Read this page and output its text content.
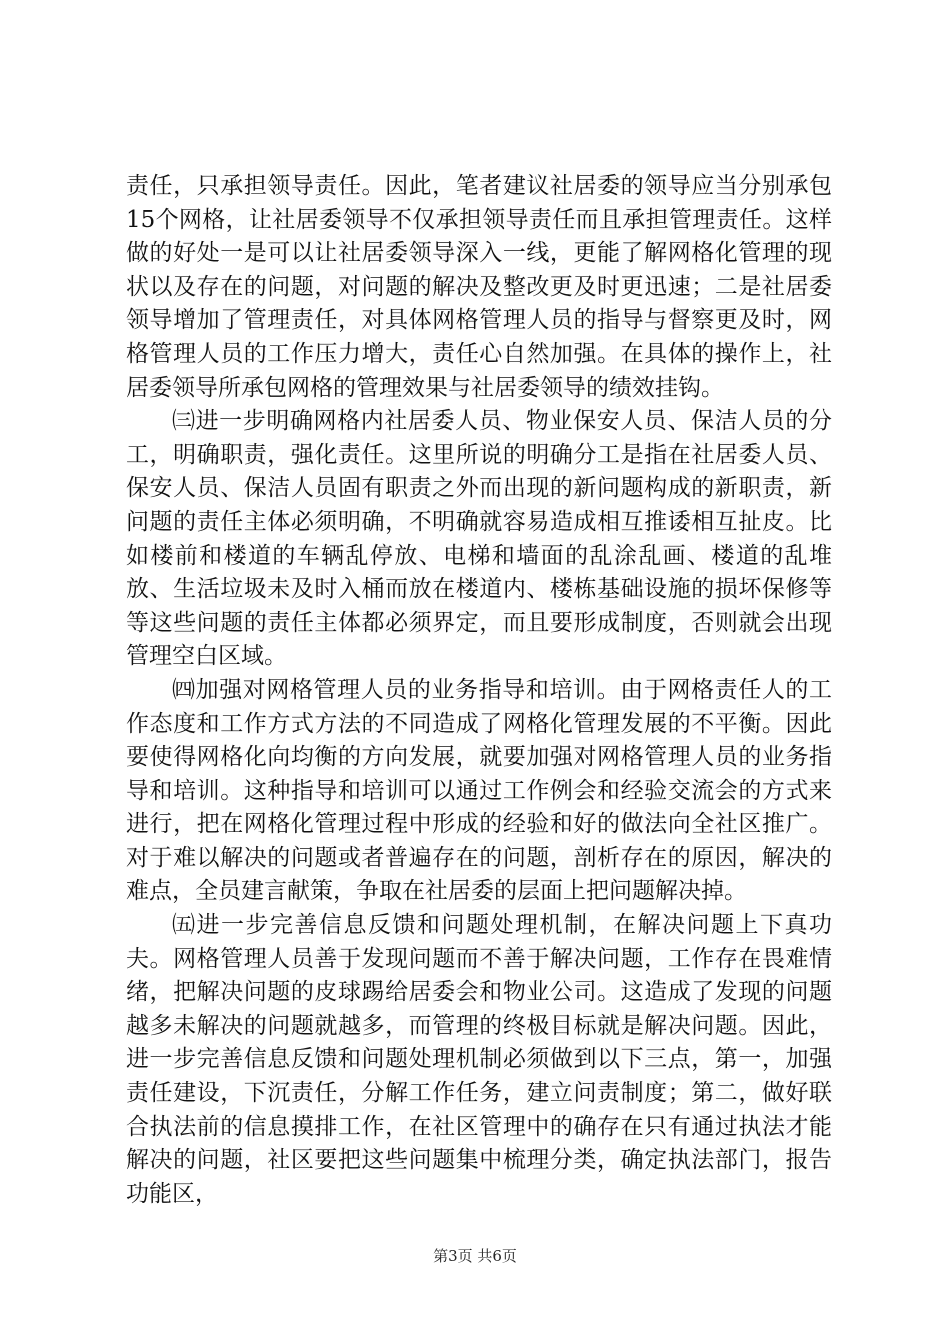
责任，只承担领导责任。因此，笔者建议社居委的领导应当分别承包15个网格，让社居委领导不仅承担领导责任而且承担管理责任。这样做的好处一是可以让社居委领导深入一线，更能了解网格化管理的现状以及存在的问题，对问题的解决及整改更及时更迅速；二是社居委领导增加了管理责任，对具体网格管理人员的指导与督察更及时，网格管理人员的工作压力增大，责任心自然加强。在具体的操作上，社居委领导所承包网格的管理效果与社居委领导的绩效挂钩。

㈢进一步明确网格内社居委人员、物业保安人员、保洁人员的分工，明确职责，强化责任。这里所说的明确分工是指在社居委人员、保安人员、保洁人员固有职责之外而出现的新问题构成的新职责，新问题的责任主体必须明确，不明确就容易造成相互推诿相互扯皮。比如楼前和楼道的车辆乱停放、电梯和墙面的乱涂乱画、楼道的乱堆放、生活垃圾未及时入桶而放在楼道内、楼栋基础设施的损坏保修等等这些问题的责任主体都必须界定，而且要形成制度，否则就会出现管理空白区域。

㈣加强对网格管理人员的业务指导和培训。由于网格责任人的工作态度和工作方式方法的不同造成了网格化管理发展的不平衡。因此要使得网格化向均衡的方向发展，就要加强对网格管理人员的业务指导和培训。这种指导和培训可以通过工作例会和经验交流会的方式来进行，把在网格化管理过程中形成的经验和好的做法向全社区推广。对于难以解决的问题或者普遍存在的问题，剖析存在的原因，解决的难点，全员建言献策，争取在社居委的层面上把问题解决掉。

㈤进一步完善信息反馈和问题处理机制，在解决问题上下真功夫。网格管理人员善于发现问题而不善于解决问题，工作存在畏难情绪，把解决问题的皮球踢给居委会和物业公司。这造成了发现的问题越多未解决的问题就越多，而管理的终极目标就是解决问题。因此，进一步完善信息反馈和问题处理机制必须做到以下三点，第一，加强责任建设，下沉责任，分解工作任务，建立问责制度；第二，做好联合执法前的信息摸排工作，在社区管理中的确存在只有通过执法才能解决的问题，社区要把这些问题集中梳理分类，确定执法部门，报告功能区，

第3页 共6页
